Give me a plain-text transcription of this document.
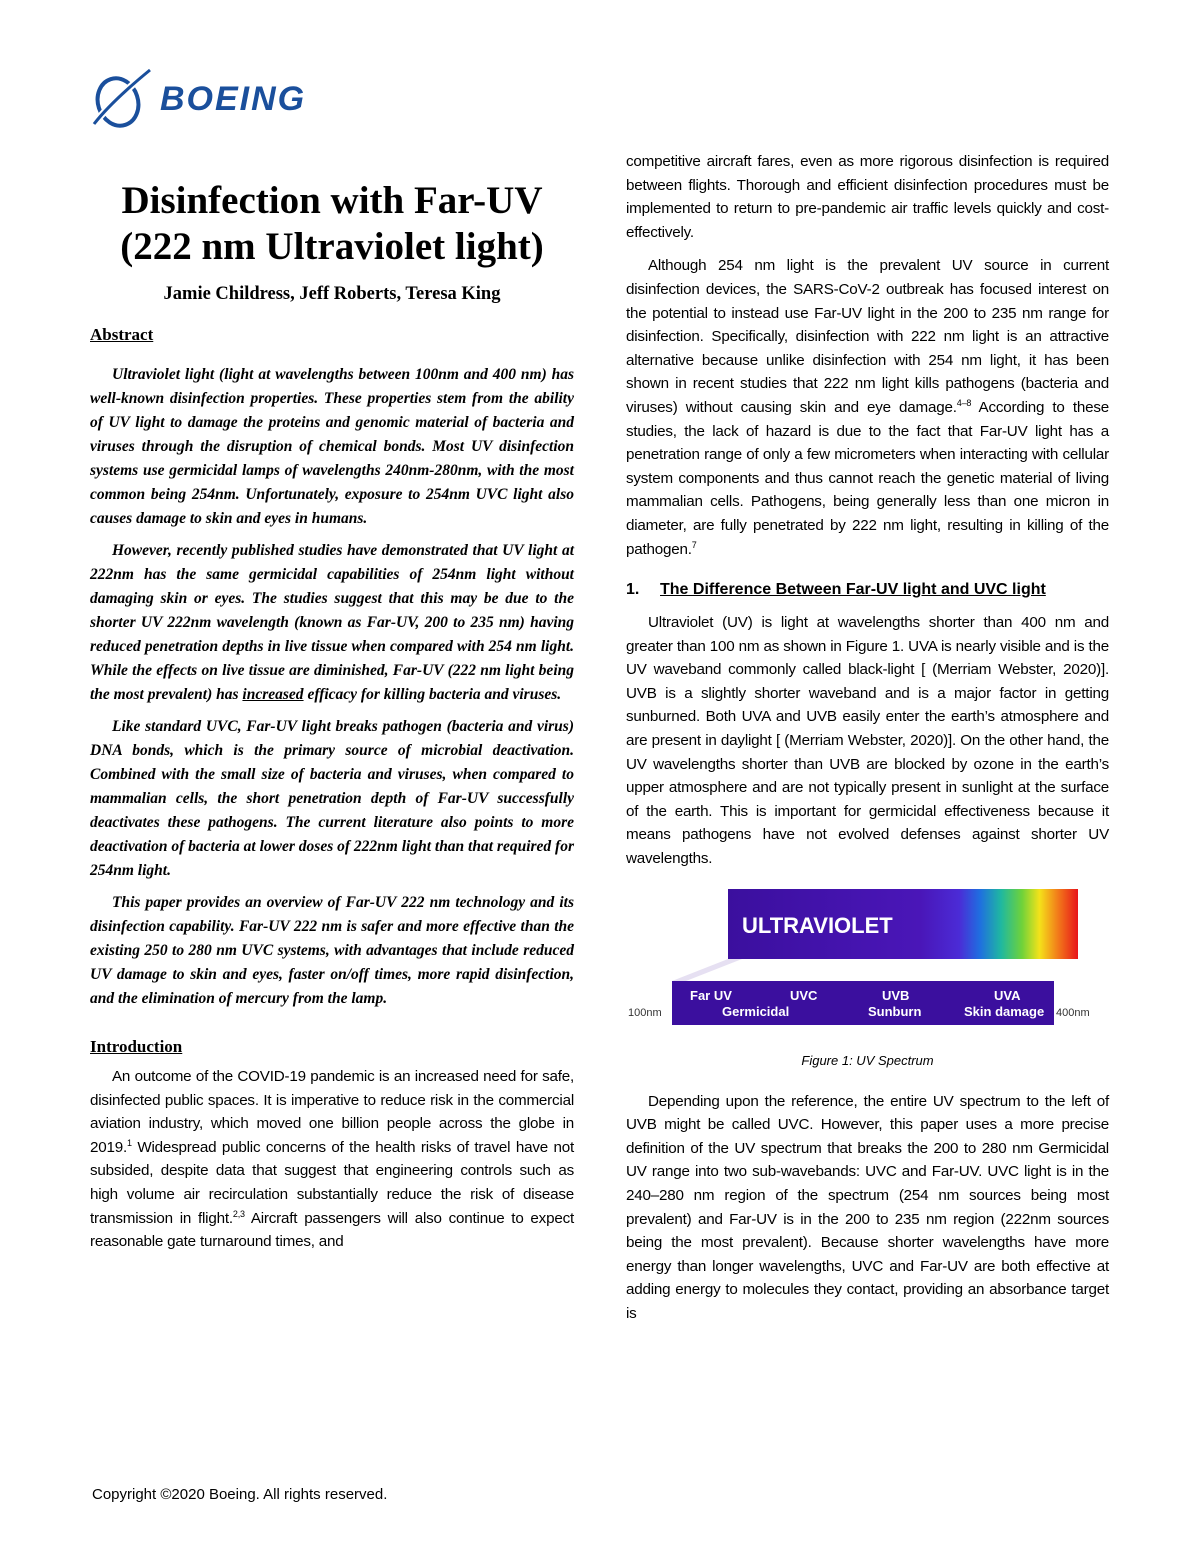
BOEING
Disinfection with Far-UV
(222 nm Ultraviolet light)
Jamie Childress, Jeff Roberts, Teresa King
Abstract

Ultraviolet light (light at wavelengths between 100nm and 400 nm) has well-known disinfection properties. These properties stem from the ability of UV light to damage the proteins and genomic material of bacteria and viruses through the disruption of chemical bonds. Most UV disinfection systems use germicidal lamps of wavelengths 240nm-280nm, with the most common being 254nm. Unfortunately, exposure to 254nm UVC light also causes damage to skin and eyes in humans.

However, recently published studies have demonstrated that UV light at 222nm has the same germicidal capabilities of 254nm light without damaging skin or eyes. The studies suggest that this may be due to the shorter UV 222nm wavelength (known as Far-UV, 200 to 235 nm) having reduced penetration depths in live tissue when compared with 254 nm light. While the effects on live tissue are diminished, Far-UV (222 nm light being the most prevalent) has increased efficacy for killing bacteria and viruses.

Like standard UVC, Far-UV light breaks pathogen (bacteria and virus) DNA bonds, which is the primary source of microbial deactivation. Combined with the small size of bacteria and viruses, when compared to mammalian cells, the short penetration depth of Far-UV successfully deactivates these pathogens. The current literature also points to more deactivation of bacteria at lower doses of 222nm light than that required for 254nm light.

This paper provides an overview of Far-UV 222 nm technology and its disinfection capability. Far-UV 222 nm is safer and more effective than the existing 250 to 280 nm UVC systems, with advantages that include reduced UV damage to skin and eyes, faster on/off times, more rapid disinfection, and the elimination of mercury from the lamp.

Introduction

An outcome of the COVID-19 pandemic is an increased need for safe, disinfected public spaces. It is imperative to reduce risk in the commercial aviation industry, which moved one billion people across the globe in 2019.$^1$ Widespread public concerns of the health risks of travel have not subsided, despite data that suggest that engineering controls such as high volume air recirculation substantially reduce the risk of disease transmission in flight.$^{2,3}$ Aircraft passengers will also continue to expect reasonable gate turnaround times, and

competitive aircraft fares, even as more rigorous disinfection is required between flights. Thorough and efficient disinfection procedures must be implemented to return to pre-pandemic air traffic levels quickly and cost-effectively.

Although 254 nm light is the prevalent UV source in current disinfection devices, the SARS-CoV-2 outbreak has focused interest on the potential to instead use Far-UV light in the 200 to 235 nm range for disinfection. Specifically, disinfection with 222 nm light is an attractive alternative because unlike disinfection with 254 nm light, it has been shown in recent studies that 222 nm light kills pathogens (bacteria and viruses) without causing skin and eye damage.$^{4-8}$ According to these studies, the lack of hazard is due to the fact that Far-UV light has a penetration range of only a few micrometers when interacting with cellular system components and thus cannot reach the genetic material of living mammalian cells. Pathogens, being generally less than one micron in diameter, are fully penetrated by 222 nm light, resulting in killing of the pathogen.$^7$

1. The Difference Between Far-UV light and UVC light

Ultraviolet (UV) is light at wavelengths shorter than 400 nm and greater than 100 nm as shown in Figure 1. UVA is nearly visible and is the UV waveband commonly called black-light [ (Merriam Webster, 2020)]. UVB is a slightly shorter waveband and is a major factor in getting sunburned. Both UVA and UVB easily enter the earth’s atmosphere and are present in daylight [ (Merriam Webster, 2020)]. On the other hand, the UV wavelengths shorter than UVB are blocked by ozone in the earth’s upper atmosphere and are not typically present in sunlight at the surface of the earth. This is important for germicidal effectiveness because it means pathogens have not evolved defenses against shorter UV wavelengths.

ULTRAVIOLET
Far UV	UVC	UVB	UVA
Germicidal	Sunburn	Skin damage
100nm	400nm
Figure 1: UV Spectrum

Depending upon the reference, the entire UV spectrum to the left of UVB might be called UVC. However, this paper uses a more precise definition of the UV spectrum that breaks the 200 to 280 nm Germicidal UV range into two sub-wavebands: UVC and Far-UV. UVC light is in the 240–280 nm region of the spectrum (254 nm sources being most prevalent) and Far-UV is in the 200 to 235 nm region (222nm sources being the most prevalent). Because shorter wavelengths have more energy than longer wavelengths, UVC and Far-UV are both effective at adding energy to molecules they contact, providing an absorbance target is

Copyright ©2020 Boeing. All rights reserved.
